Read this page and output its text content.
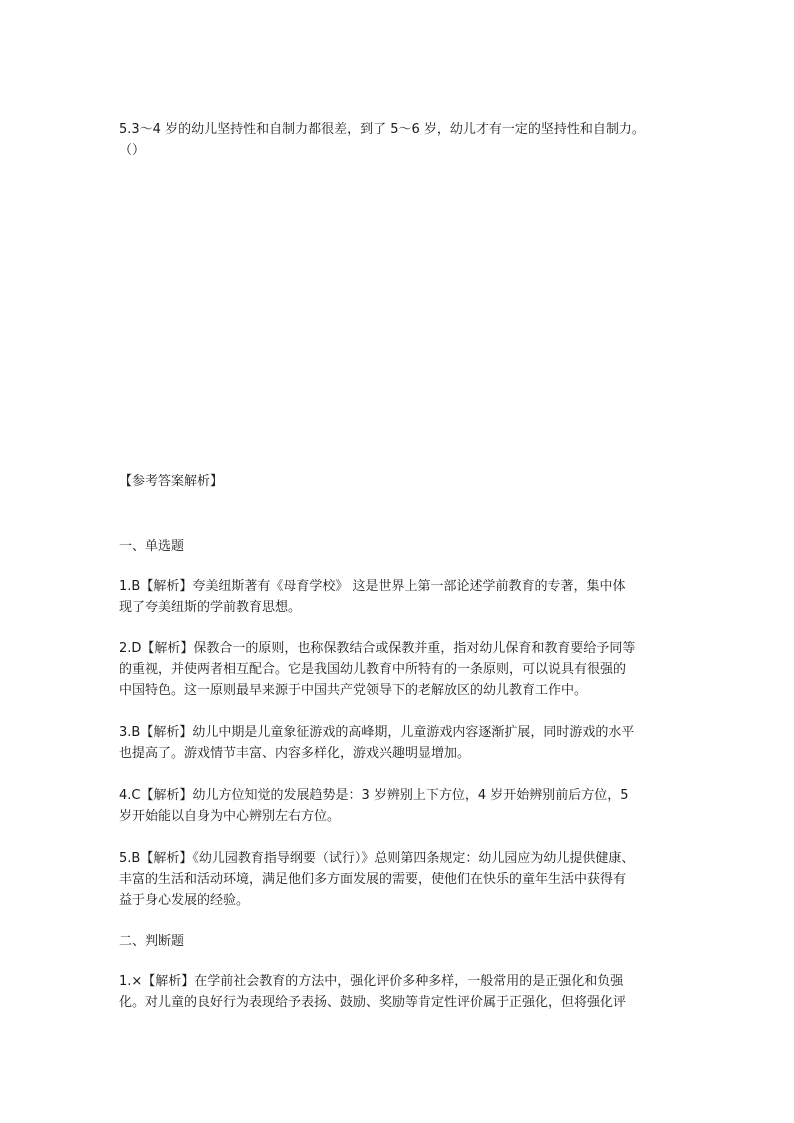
5.3～4 岁的幼儿坚持性和自制力都很差，到了 5～6 岁，幼儿才有一定的坚持性和自制力。

（）

【参考答案解析】

一、单选题

1.B【解析】夸美纽斯著有《母育学校》 这是世界上第一部论述学前教育的专著，集中体

现了夸美纽斯的学前教育思想。

2.D【解析】保教合一的原则，也称保教结合或保教并重，指对幼儿保育和教育要给予同等

的重视，并使两者相互配合。它是我国幼儿教育中所特有的一条原则，可以说具有很强的

中国特色。这一原则最早来源于中国共产党领导下的老解放区的幼儿教育工作中。

3.B【解析】幼儿中期是儿童象征游戏的高峰期，儿童游戏内容逐渐扩展，同时游戏的水平

也提高了。游戏情节丰富、内容多样化，游戏兴趣明显增加。

4.C【解析】幼儿方位知觉的发展趋势是：3 岁辨别上下方位，4 岁开始辨别前后方位，5

岁开始能以自身为中心辨别左右方位。

5.B【解析】《幼儿园教育指导纲要（试行）》总则第四条规定：幼儿园应为幼儿提供健康、

丰富的生活和活动环境，满足他们多方面发展的需要，使他们在快乐的童年生活中获得有

益于身心发展的经验。

二、判断题

1.×【解析】在学前社会教育的方法中，强化评价多种多样，一般常用的是正强化和负强

化。对儿童的良好行为表现给予表扬、鼓励、奖励等肯定性评价属于正强化，但将强化评
